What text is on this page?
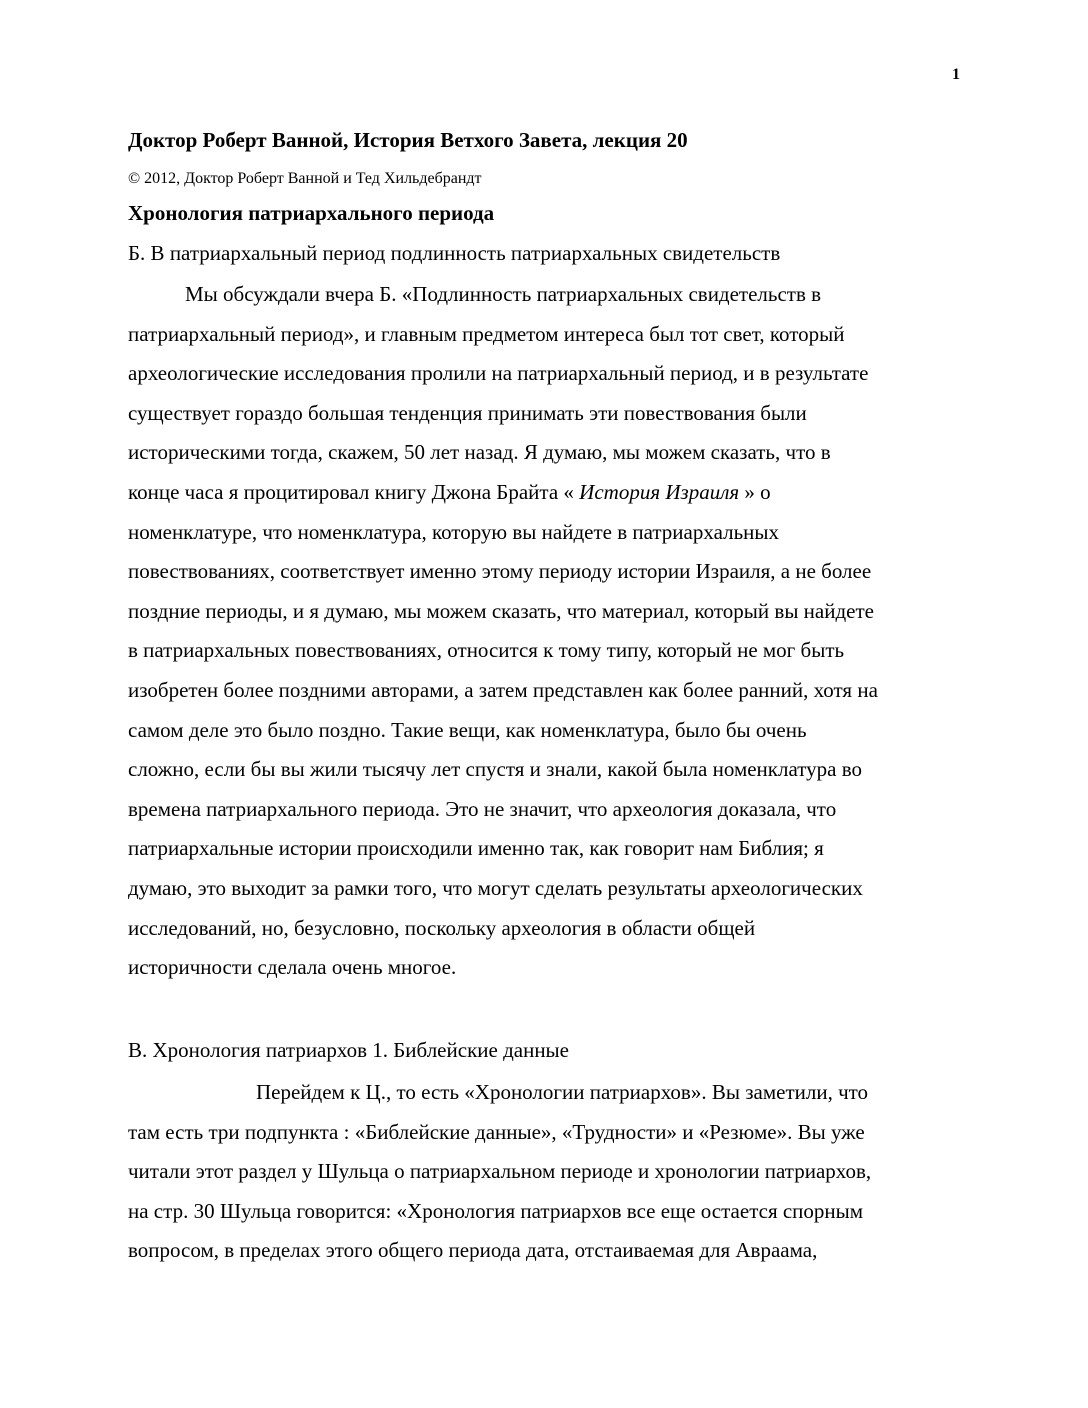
1
Доктор Роберт Ванной, История Ветхого Завета, лекция 20
© 2012, Доктор Роберт Ванной и Тед Хильдебрандт
Хронология патриархального периода
Б. В патриархальный период подлинность патриархальных свидетельств
Мы обсуждали вчера Б. «Подлинность патриархальных свидетельств в
патриархальный период», и главным предметом интереса был тот свет, который
археологические исследования пролили на патриархальный период, и в результате
существует гораздо большая тенденция принимать эти повествования были
историческими тогда, скажем, 50 лет назад. Я думаю, мы можем сказать, что в
конце часа я процитировал книгу Джона Брайта « История Израиля » о
номенклатуре, что номенклатура, которую вы найдете в патриархальных
повествованиях, соответствует именно этому периоду истории Израиля, а не более
поздние периоды, и я думаю, мы можем сказать, что материал, который вы найдете
в патриархальных повествованиях, относится к тому типу, который не мог быть
изобретен более поздними авторами, а затем представлен как более ранний, хотя на
самом деле это было поздно. Такие вещи, как номенклатура, было бы очень
сложно, если бы вы жили тысячу лет спустя и знали, какой была номенклатура во
времена патриархального периода. Это не значит, что археология доказала, что
патриархальные истории происходили именно так, как говорит нам Библия; я
думаю, это выходит за рамки того, что могут сделать результаты археологических
исследований, но, безусловно, поскольку археология в области общей
историчности сделала очень многое.
В. Хронология патриархов 1. Библейские данные
Перейдем к Ц., то есть «Хронологии патриархов». Вы заметили, что
там есть три подпункта : «Библейские данные», «Трудности» и «Резюме». Вы уже
читали этот раздел у Шульца о патриархальном периоде и хронологии патриархов,
на стр. 30 Шульца говорится: «Хронология патриархов все еще остается спорным
вопросом, в пределах этого общего периода дата, отстаиваемая для Авраама,
